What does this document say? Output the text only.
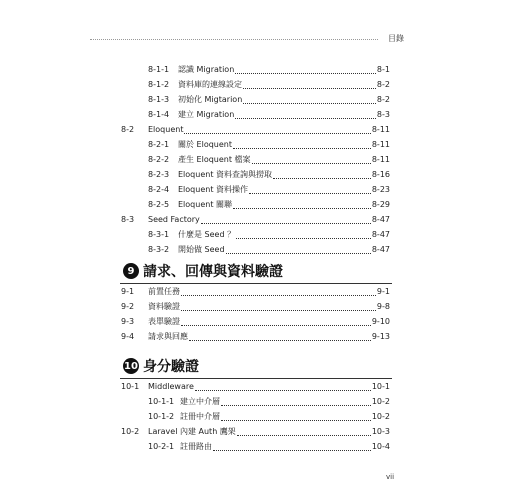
目錄
8-1-1	認識 Migration	8-1
8-1-2	資料庫的連線設定	8-2
8-1-3	初始化 Migtarion	8-2
8-1-4	建立 Migration	8-3
8-2	Eloquent	8-11
8-2-1	關於 Eloquent	8-11
8-2-2	產生 Eloquent 檔案	8-11
8-2-3	Eloquent 資料查詢與撈取	8-16
8-2-4	Eloquent 資料操作	8-23
8-2-5	Eloquent 關聯	8-29
8-3	Seed Factory	8-47
8-3-1	什麼是 Seed ？	8-47
8-3-2	開始做 Seed	8-47
9 請求、回傳與資料驗證
9-1	前置任務	9-1
9-2	資料驗證	9-8
9-3	表單驗證	9-10
9-4	請求與回應	9-13
10 身分驗證
10-1	Middleware	10-1
10-1-1 建立中介層	10-2
10-1-2 註冊中介層	10-2
10-2	Laravel 內建 Auth 鷹架	10-3
10-2-1 註冊路由	10-4
vii
